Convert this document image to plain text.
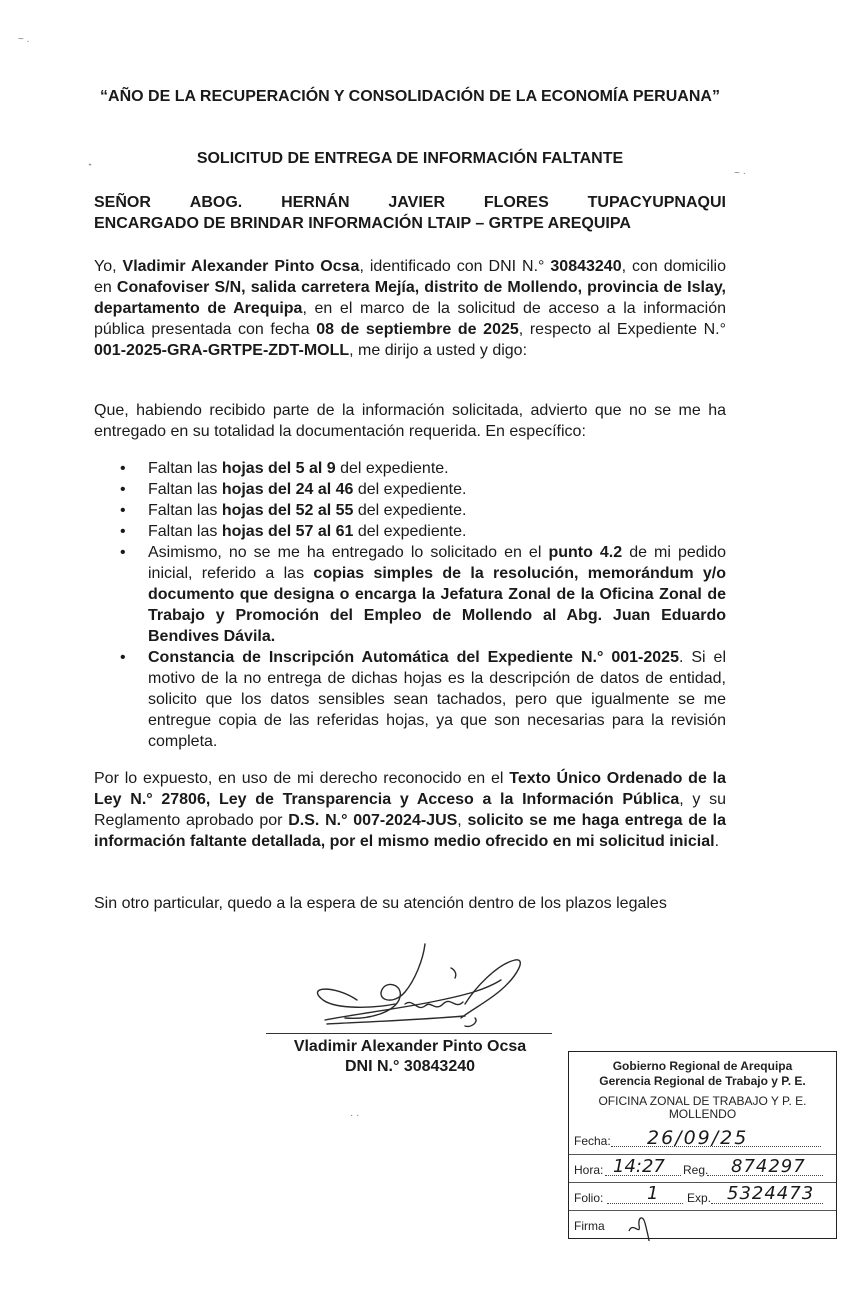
~ .
ᐩ
~ ·
“AÑO DE LA RECUPERACIÓN Y CONSOLIDACIÓN DE LA ECONOMÍA PERUANA”
SOLICITUD DE ENTREGA DE INFORMACIÓN FALTANTE
SEÑOR ABOG. HERNÁN JAVIER FLORES TUPACYUPNAQUI
ENCARGADO DE BRINDAR INFORMACIÓN LTAIP – GRTPE AREQUIPA
Yo, Vladimir Alexander Pinto Ocsa, identificado con DNI N.° 30843240, con domicilio en Conafoviser S/N, salida carretera Mejía, distrito de Mollendo, provincia de Islay, departamento de Arequipa, en el marco de la solicitud de acceso a la información pública presentada con fecha 08 de septiembre de 2025, respecto al Expediente N.° 001-2025-GRA-GRTPE-ZDT-MOLL, me dirijo a usted y digo:
Que, habiendo recibido parte de la información solicitada, advierto que no se me ha entregado en su totalidad la documentación requerida. En específico:
• Faltan las hojas del 5 al 9 del expediente.
• Faltan las hojas del 24 al 46 del expediente.
• Faltan las hojas del 52 al 55 del expediente.
• Faltan las hojas del 57 al 61 del expediente.
• Asimismo, no se me ha entregado lo solicitado en el punto 4.2 de mi pedido inicial, referido a las copias simples de la resolución, memorándum y/o documento que designa o encarga la Jefatura Zonal de la Oficina Zonal de Trabajo y Promoción del Empleo de Mollendo al Abg. Juan Eduardo Bendives Dávila.
• Constancia de Inscripción Automática del Expediente N.° 001-2025. Si el motivo de la no entrega de dichas hojas es la descripción de datos de entidad, solicito que los datos sensibles sean tachados, pero que igualmente se me entregue copia de las referidas hojas, ya que son necesarias para la revisión completa.
Por lo expuesto, en uso de mi derecho reconocido en el Texto Único Ordenado de la Ley N.° 27806, Ley de Transparencia y Acceso a la Información Pública, y su Reglamento aprobado por D.S. N.° 007-2024-JUS, solicito se me haga entrega de la información faltante detallada, por el mismo medio ofrecido en mi solicitud inicial.
Sin otro particular, quedo a la espera de su atención dentro de los plazos legales
Vladimir Alexander Pinto Ocsa
DNI N.° 30843240
· ·
Gobierno Regional de Arequipa
Gerencia Regional de Trabajo y P. E.
OFICINA ZONAL DE TRABAJO Y P. E.
MOLLENDO
Fecha: 26/09/25
Hora: 14:27 Reg. 874297
Folio: 1 Exp. 5324473
Firma
